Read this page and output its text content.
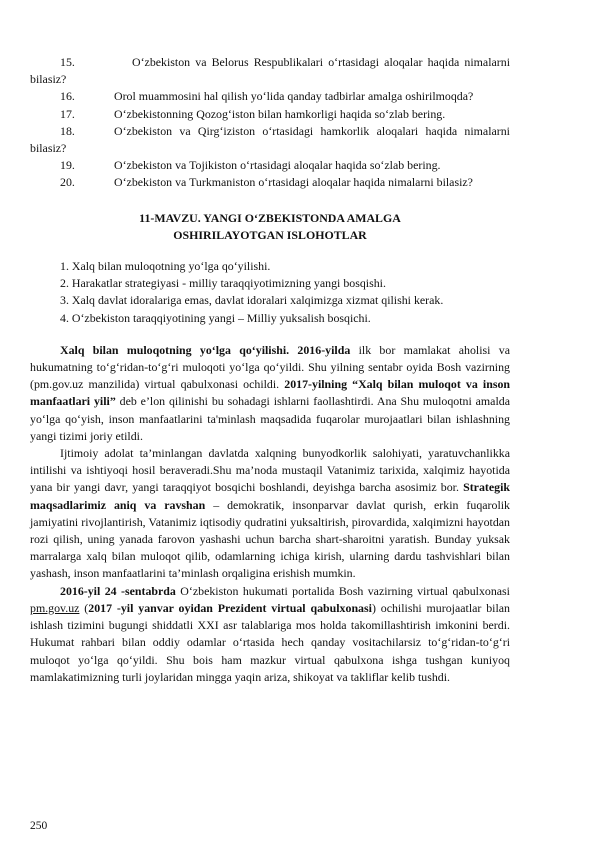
15.	O‘zbekiston va Belorus Respublikalari o‘rtasidagi aloqalar haqida nimalarni bilasiz?

16.	Orol muammosini hal qilish yo‘lida qanday tadbirlar amalga oshirilmoqda?

17.	O‘zbekistonning Qozog‘iston bilan hamkorligi haqida so‘zlab bering.

18.	O‘zbekiston va Qirg‘iziston o‘rtasidagi hamkorlik aloqalari haqida nimalarni bilasiz?

19.	O‘zbekiston va Tojikiston o‘rtasidagi aloqalar haqida so‘zlab bering.

20.	O‘zbekiston va Turkmaniston o‘rtasidagi aloqalar haqida nimalarni bilasiz?

11-MAVZU. YANGI O‘ZBEKISTONDA AMALGA
OSHIRILAYOTGAN ISLOHOTLAR

1. Xalq bilan muloqotning yo‘lga qo‘yilishi.

2. Harakatlar strategiyasi - milliy taraqqiyotimizning yangi bosqishi.

3. Xalq davlat idoralariga emas, davlat idoralari xalqimizga xizmat qilishi kerak.

4. O‘zbekiston taraqqiyotining yangi – Milliy yuksalish bosqichi.

Xalq bilan muloqotning yo‘lga qo‘yilishi. 2016-yilda ilk bor mamlakat aholisi va hukumatning to‘g‘ridan-to‘g‘ri muloqoti yo‘lga qo‘yildi. Shu yilning sentabr oyida Bosh vazirning (pm.gov.uz manzilida) virtual qabulxonasi ochildi. 2017-yilning “Xalq bilan muloqot va inson manfaatlari yili” deb e’lon qilinishi bu sohadagi ishlarni faollashtirdi. Ana Shu muloqotni amalda yo‘lga qo‘yish, inson manfaatlarini ta'minlash maqsadida fuqarolar murojaatlari bilan ishlashning yangi tizimi joriy etildi.

Ijtimoiy adolat ta’minlangan davlatda xalqning bunyodkorlik salohiyati, yaratuvchanlikka intilishi va ishtiyoqi hosil beraveradi.Shu ma’noda mustaqil Vatanimiz tarixida, xalqimiz hayotida yana bir yangi davr, yangi taraqqiyot bosqichi boshlandi, deyishga barcha asosimiz bor. Strategik maqsadlarimiz aniq va ravshan – demokratik, insonparvar davlat qurish, erkin fuqarolik jamiyatini rivojlantirish, Vatanimiz iqtisodiy qudratini yuksaltirish, pirovardida, xalqimizni hayotdan rozi qilish, uning yanada farovon yashashi uchun barcha shart-sharoitni yaratish. Bunday yuksak marralarga xalq bilan muloqot qilib, odamlarning ichiga kirish, ularning dardu tashvishlari bilan yashash, inson manfaatlarini ta’minlash orqaligina erishish mumkin.

2016-yil 24 -sentabrda O‘zbekiston hukumati portalida Bosh vazirning virtual qabulxonasi pm.gov.uz (2017 -yil yanvar oyidan Prezident virtual qabulxonasi) ochilishi murojaatlar bilan ishlash tizimini bugungi shiddatli XXI asr talablariga mos holda takomillashtirish imkonini berdi. Hukumat rahbari bilan oddiy odamlar o‘rtasida hech qanday vositachilarsiz to‘g‘ridan-to‘g‘ri muloqot yo‘lga qo‘yildi. Shu bois ham mazkur virtual qabulxona ishga tushgan kuniyoq mamlakatimizning turli joylaridan mingga yaqin ariza, shikoyat va takliflar kelib tushdi.

250
